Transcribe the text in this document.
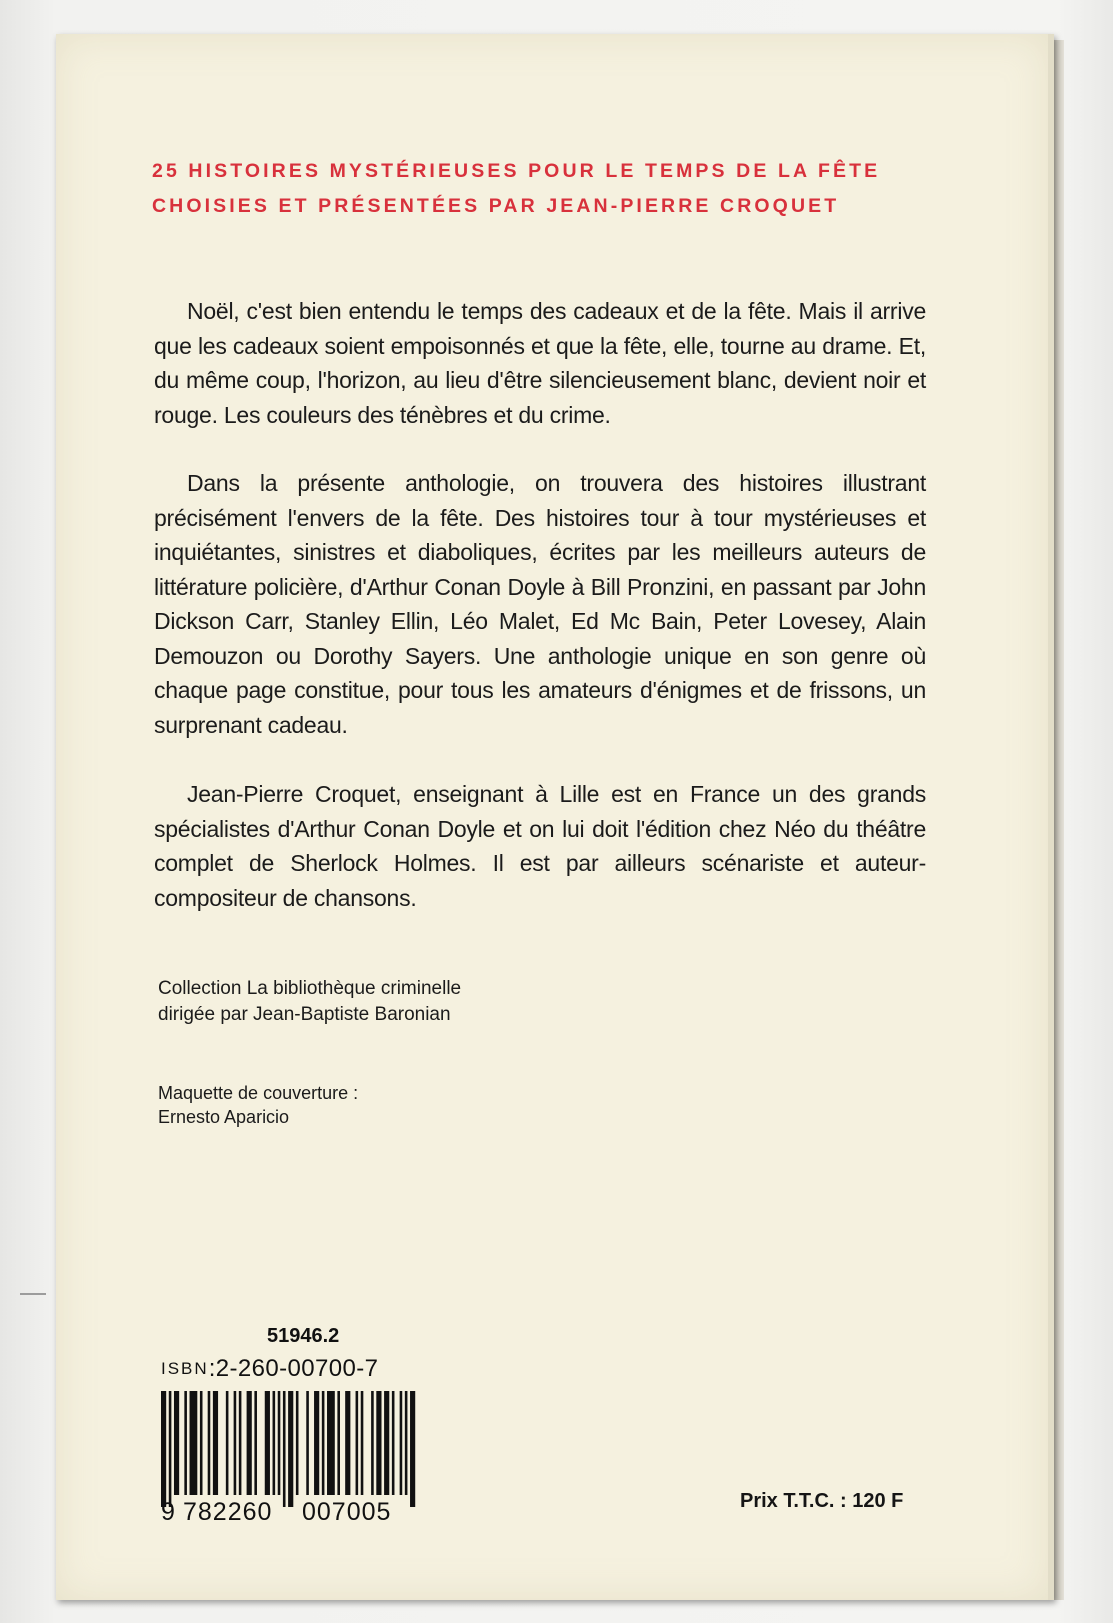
25 HISTOIRES MYSTÉRIEUSES POUR LE TEMPS DE LA FÊTE
CHOISIES ET PRÉSENTÉES PAR JEAN-PIERRE CROQUET
Noël, c'est bien entendu le temps des cadeaux et de la fête. Mais il arrive que les cadeaux soient empoisonnés et que la fête, elle, tourne au drame. Et, du même coup, l'horizon, au lieu d'être silencieusement blanc, devient noir et rouge. Les couleurs des ténèbres et du crime.
Dans la présente anthologie, on trouvera des histoires illustrant précisément l'envers de la fête. Des histoires tour à tour mystérieuses et inquiétantes, sinistres et diaboliques, écrites par les meilleurs auteurs de littérature policière, d'Arthur Conan Doyle à Bill Pronzini, en passant par John Dickson Carr, Stanley Ellin, Léo Malet, Ed Mc Bain, Peter Lovesey, Alain Demouzon ou Dorothy Sayers. Une anthologie unique en son genre où chaque page constitue, pour tous les amateurs d'énigmes et de frissons, un surprenant cadeau.
Jean-Pierre Croquet, enseignant à Lille est en France un des grands spécialistes d'Arthur Conan Doyle et on lui doit l'édition chez Néo du théâtre complet de Sherlock Holmes. Il est par ailleurs scénariste et auteur-compositeur de chansons.
Collection La bibliothèque criminelle
dirigée par Jean-Baptiste Baronian
Maquette de couverture :
Ernesto Aparicio
51946.2
ISBN:2-260-00700-7
9 782260 007005	Prix T.T.C. : 120 F
